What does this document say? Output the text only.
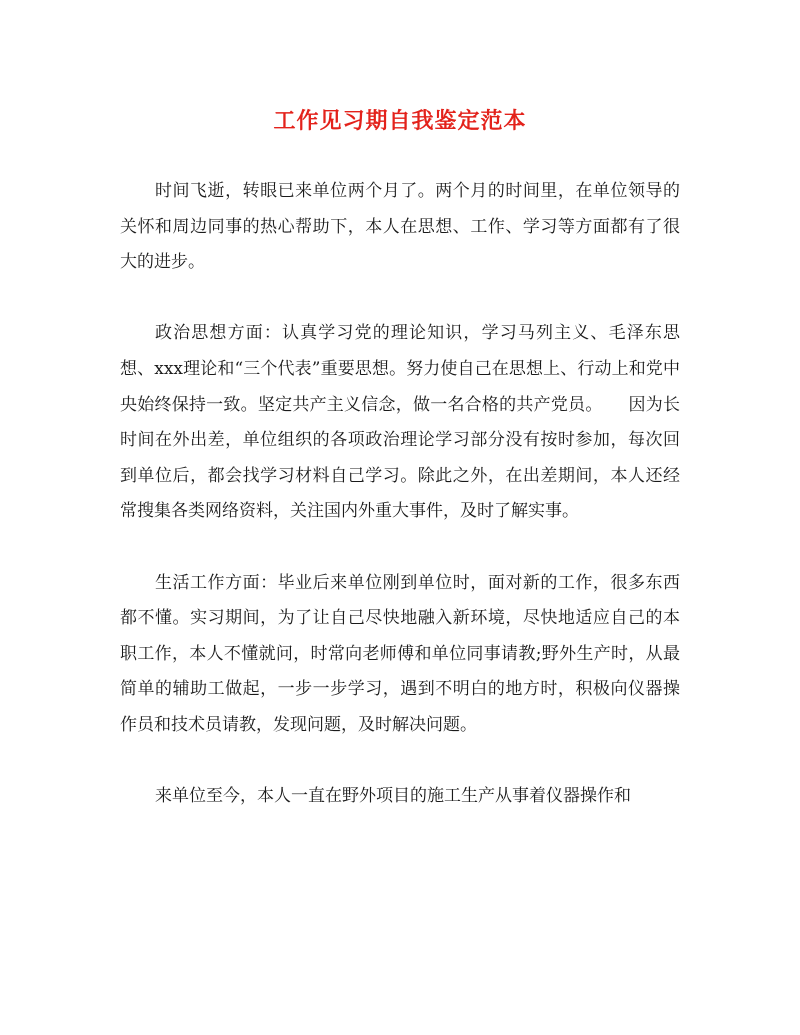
工作见习期自我鉴定范本

时间飞逝，转眼已来单位两个月了。两个月的时间里，在单位领导的关怀和周边同事的热心帮助下，本人在思想、工作、学习等方面都有了很大的进步。

政治思想方面：认真学习党的理论知识，学习马列主义、毛泽东思想、xxx理论和“三个代表”重要思想。努力使自己在思想上、行动上和党中央始终保持一致。坚定共产主义信念，做一名合格的共产党员。　　因为长时间在外出差，单位组织的各项政治理论学习部分没有按时参加，每次回到单位后，都会找学习材料自己学习。除此之外，在出差期间，本人还经常搜集各类网络资料，关注国内外重大事件，及时了解实事。

生活工作方面：毕业后来单位刚到单位时，面对新的工作，很多东西都不懂。实习期间，为了让自己尽快地融入新环境，尽快地适应自己的本职工作，本人不懂就问，时常向老师傅和单位同事请教;野外生产时，从最简单的辅助工做起，一步一步学习，遇到不明白的地方时，积极向仪器操作员和技术员请教，发现问题，及时解决问题。

来单位至今，本人一直在野外项目的施工生产从事着仪器操作和
